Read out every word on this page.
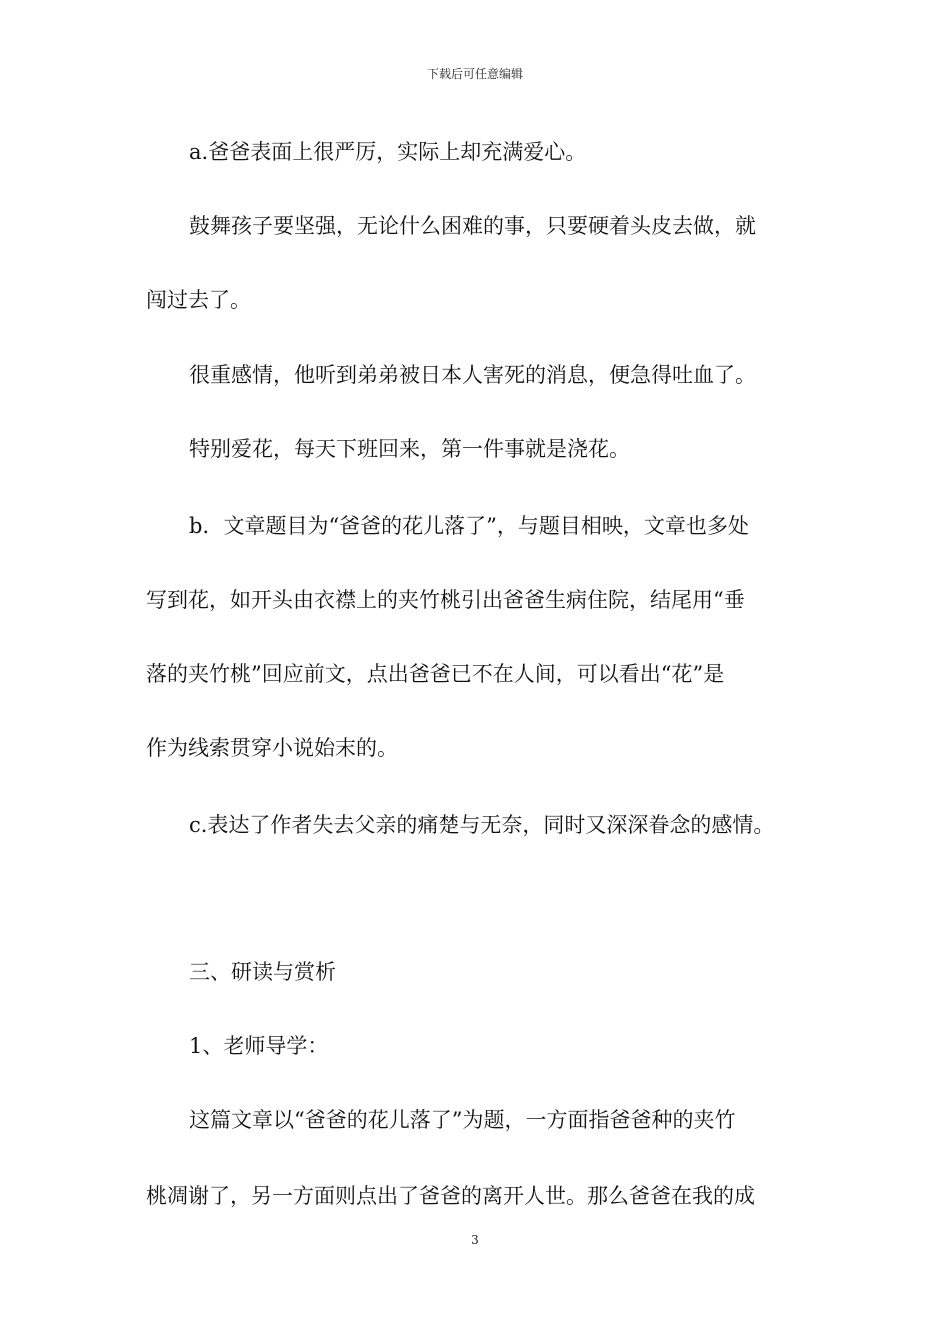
下载后可任意编辑
a.爸爸表面上很严厉，实际上却充满爱心。
鼓舞孩子要坚强，无论什么困难的事，只要硬着头皮去做，就
闯过去了。
很重感情，他听到弟弟被日本人害死的消息，便急得吐血了。
特别爱花，每天下班回来，第一件事就是浇花。
b．文章题目为“爸爸的花儿落了”，与题目相映，文章也多处
写到花，如开头由衣襟上的夹竹桃引出爸爸生病住院，结尾用“垂
落的夹竹桃”回应前文，点出爸爸已不在人间，可以看出“花”是
作为线索贯穿小说始末的。
c.表达了作者失去父亲的痛楚与无奈，同时又深深眷念的感情。
三、研读与赏析
1、老师导学：
这篇文章以“爸爸的花儿落了”为题，一方面指爸爸种的夹竹
桃凋谢了，另一方面则点出了爸爸的离开人世。那么爸爸在我的成
3
